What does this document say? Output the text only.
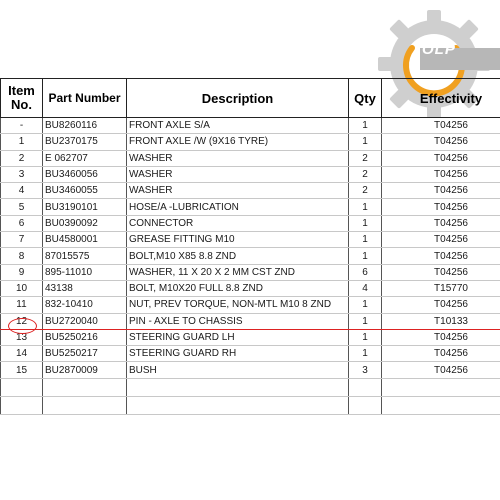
OLP
Item No.	Part Number	Description	Qty	Effectivity
-	BU8260116	FRONT AXLE S/A	1	T04256
1	BU2370175	FRONT AXLE /W (9X16 TYRE)	1	T04256
2	E 062707	WASHER	2	T04256
3	BU3460056	WASHER	2	T04256
4	BU3460055	WASHER	2	T04256
5	BU3190101	HOSE/A -LUBRICATION	1	T04256
6	BU0390092	CONNECTOR	1	T04256
7	BU4580001	GREASE FITTING M10	1	T04256
8	87015575	BOLT,M10 X85 8.8 ZND	1	T04256
9	895-11010	WASHER, 11 X 20 X 2 MM CST ZND	6	T04256
10	43138	BOLT, M10X20 FULL 8.8 ZND	4	T15770
11	832-10410	NUT, PREV TORQUE, NON-MTL M10 8 ZND	1	T04256
12	BU2720040	PIN - AXLE TO CHASSIS	1	T10133
13	BU5250216	STEERING GUARD LH	1	T04256
14	BU5250217	STEERING GUARD RH	1	T04256
15	BU2870009	BUSH	3	T04256
